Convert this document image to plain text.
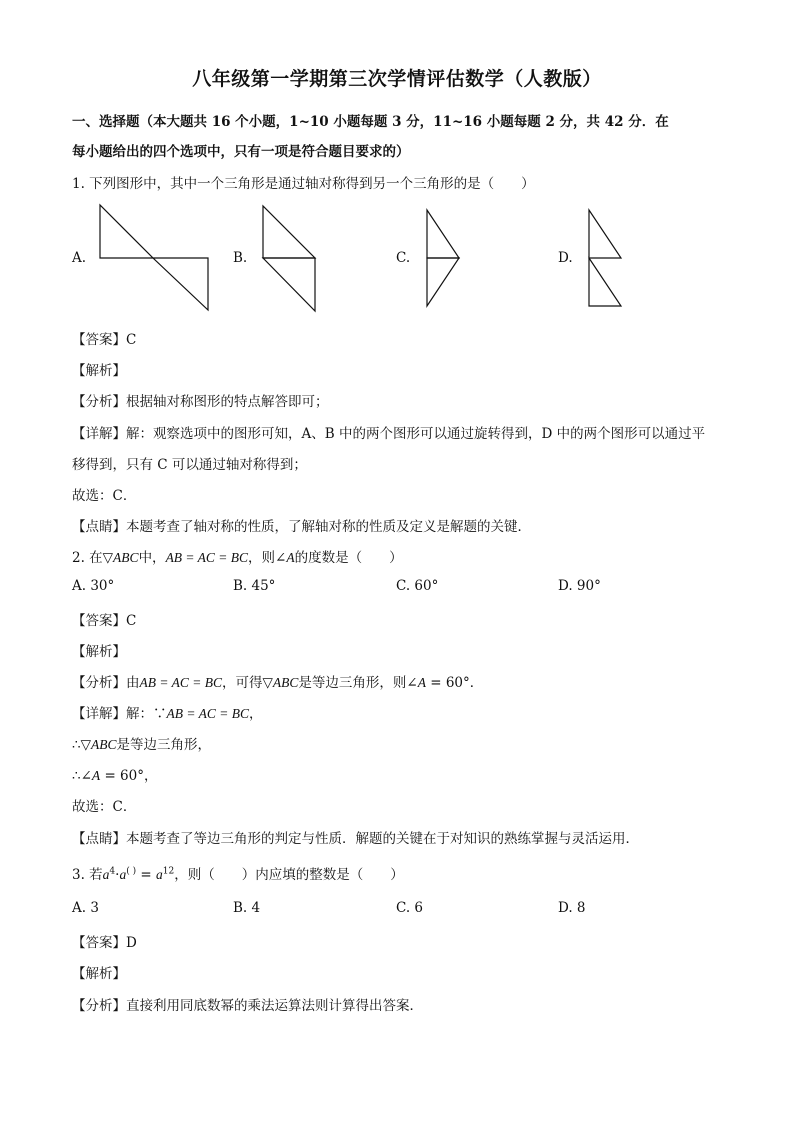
八年级第一学期第三次学情评估数学（人教版）
一、选择题（本大题共 16 个小题，1~10 小题每题 3 分，11~16 小题每题 2 分，共 42 分．在
每小题给出的四个选项中，只有一项是符合题目要求的）
1. 下列图形中，其中一个三角形是通过轴对称得到另一个三角形的是（　　）
A.	B.	C.	D.
【答案】C
【解析】
【分析】根据轴对称图形的特点解答即可；
【详解】解：观察选项中的图形可知，A、B 中的两个图形可以通过旋转得到，D 中的两个图形可以通过平
移得到，只有 C 可以通过轴对称得到；
故选：C．
【点睛】本题考查了轴对称的性质，了解轴对称的性质及定义是解题的关键．
2. 在▽ABC中，AB = AC = BC，则∠A的度数是（　　）
A. 30°	B. 45°	C. 60°	D. 90°
【答案】C
【解析】
【分析】由AB = AC = BC，可得▽ABC是等边三角形，则∠A = 60°．
【详解】解：∵AB = AC = BC，
∴▽ABC是等边三角形，
∴∠A = 60°，
故选：C．
【点睛】本题考查了等边三角形的判定与性质．解题的关键在于对知识的熟练掌握与灵活运用．
3. 若$a^4\cdot a^{( )} = a^{12}$，则（　　）内应填的整数是（　　）
A. 3	B. 4	C. 6	D. 8
【答案】D
【解析】
【分析】直接利用同底数幂的乘法运算法则计算得出答案．
